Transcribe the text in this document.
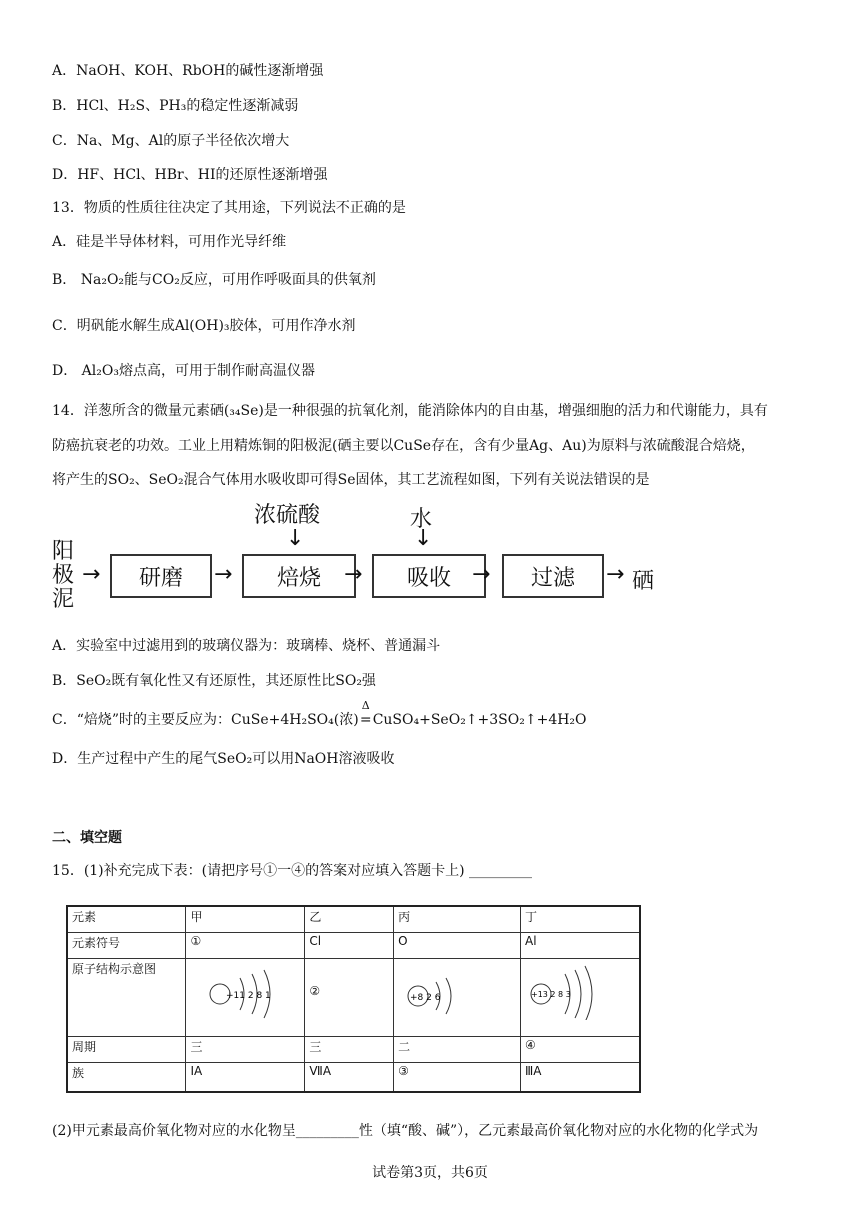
A．NaOH、KOH、RbOH的碱性逐渐增强
B．HCl、H₂S、PH₃的稳定性逐渐减弱
C．Na、Mg、Al的原子半径依次增大
D．HF、HCl、HBr、HI的还原性逐渐增强
13．物质的性质往往决定了其用途，下列说法不正确的是
A．硅是半导体材料，可用作光导纤维
B． Na₂O₂能与CO₂反应，可用作呼吸面具的供氧剂
C．明矾能水解生成Al(OH)₃胶体，可用作净水剂
D． Al₂O₃熔点高，可用于制作耐高温仪器
14．洋葱所含的微量元素硒(₃₄Se)是一种很强的抗氧化剂，能消除体内的自由基，增强细胞的活力和代谢能力，具有
防癌抗衰老的功效。工业上用精炼铜的阳极泥(硒主要以CuSe存在，含有少量Ag、Au)为原料与浓硫酸混合焙烧，
将产生的SO₂、SeO₂混合气体用水吸收即可得Se固体，其工艺流程如图，下列有关说法错误的是
阳
极
泥
→	研磨	→
浓硫酸
↓
焙烧	→
水
↓
吸收 →	过滤	→ 硒
A．实验室中过滤用到的玻璃仪器为：玻璃棒、烧杯、普通漏斗
B．SeO₂既有氧化性又有还原性，其还原性比SO₂强
C．“焙烧”时的主要反应为：CuSe+4H₂SO₄(浓)
Δ
=CuSO₄+SeO₂↑+3SO₂↑+4H₂O
D．生产过程中产生的尾气SeO₂可以用NaOH溶液吸收
二、填空题
15．(1)补充完成下表：(请把序号①一④的答案对应填入答题卡上) _________
元素	甲	乙	丙	丁
元素符号	①	Cl	O	Al
原子结构示意图	+11 2 8 1	②	+8 2 6	+13 2 8 3

周期	三	三	二	④
族	ⅠA	ⅦA	③	ⅢA
(2)甲元素最高价氧化物对应的水化物呈_________性（填“酸、碱”），乙元素最高价氧化物对应的水化物的化学式为
试卷第3页，共6页
